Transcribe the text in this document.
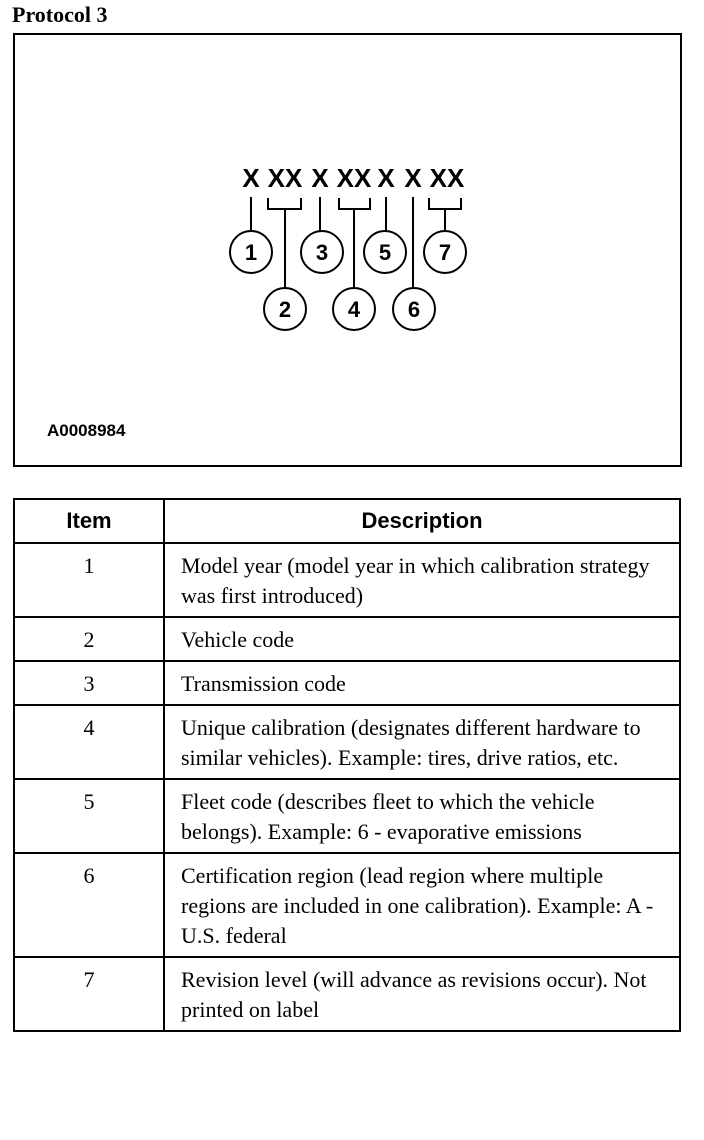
Protocol 3
X XX X XX X X XX
1	3 5 7
2	4 6
A0008984
Item	Description
1	Model year (model year in which calibration strategy was first introduced)
2	Vehicle code
3	Transmission code
4	Unique calibration (designates different hardware to similar vehicles). Example: tires, drive ratios, etc.
5	Fleet code (describes fleet to which the vehicle belongs). Example: 6 - evaporative emissions
6	Certification region (lead region where multiple regions are included in one calibration). Example: A - U.S. federal
7	Revision level (will advance as revisions occur). Not printed on label
